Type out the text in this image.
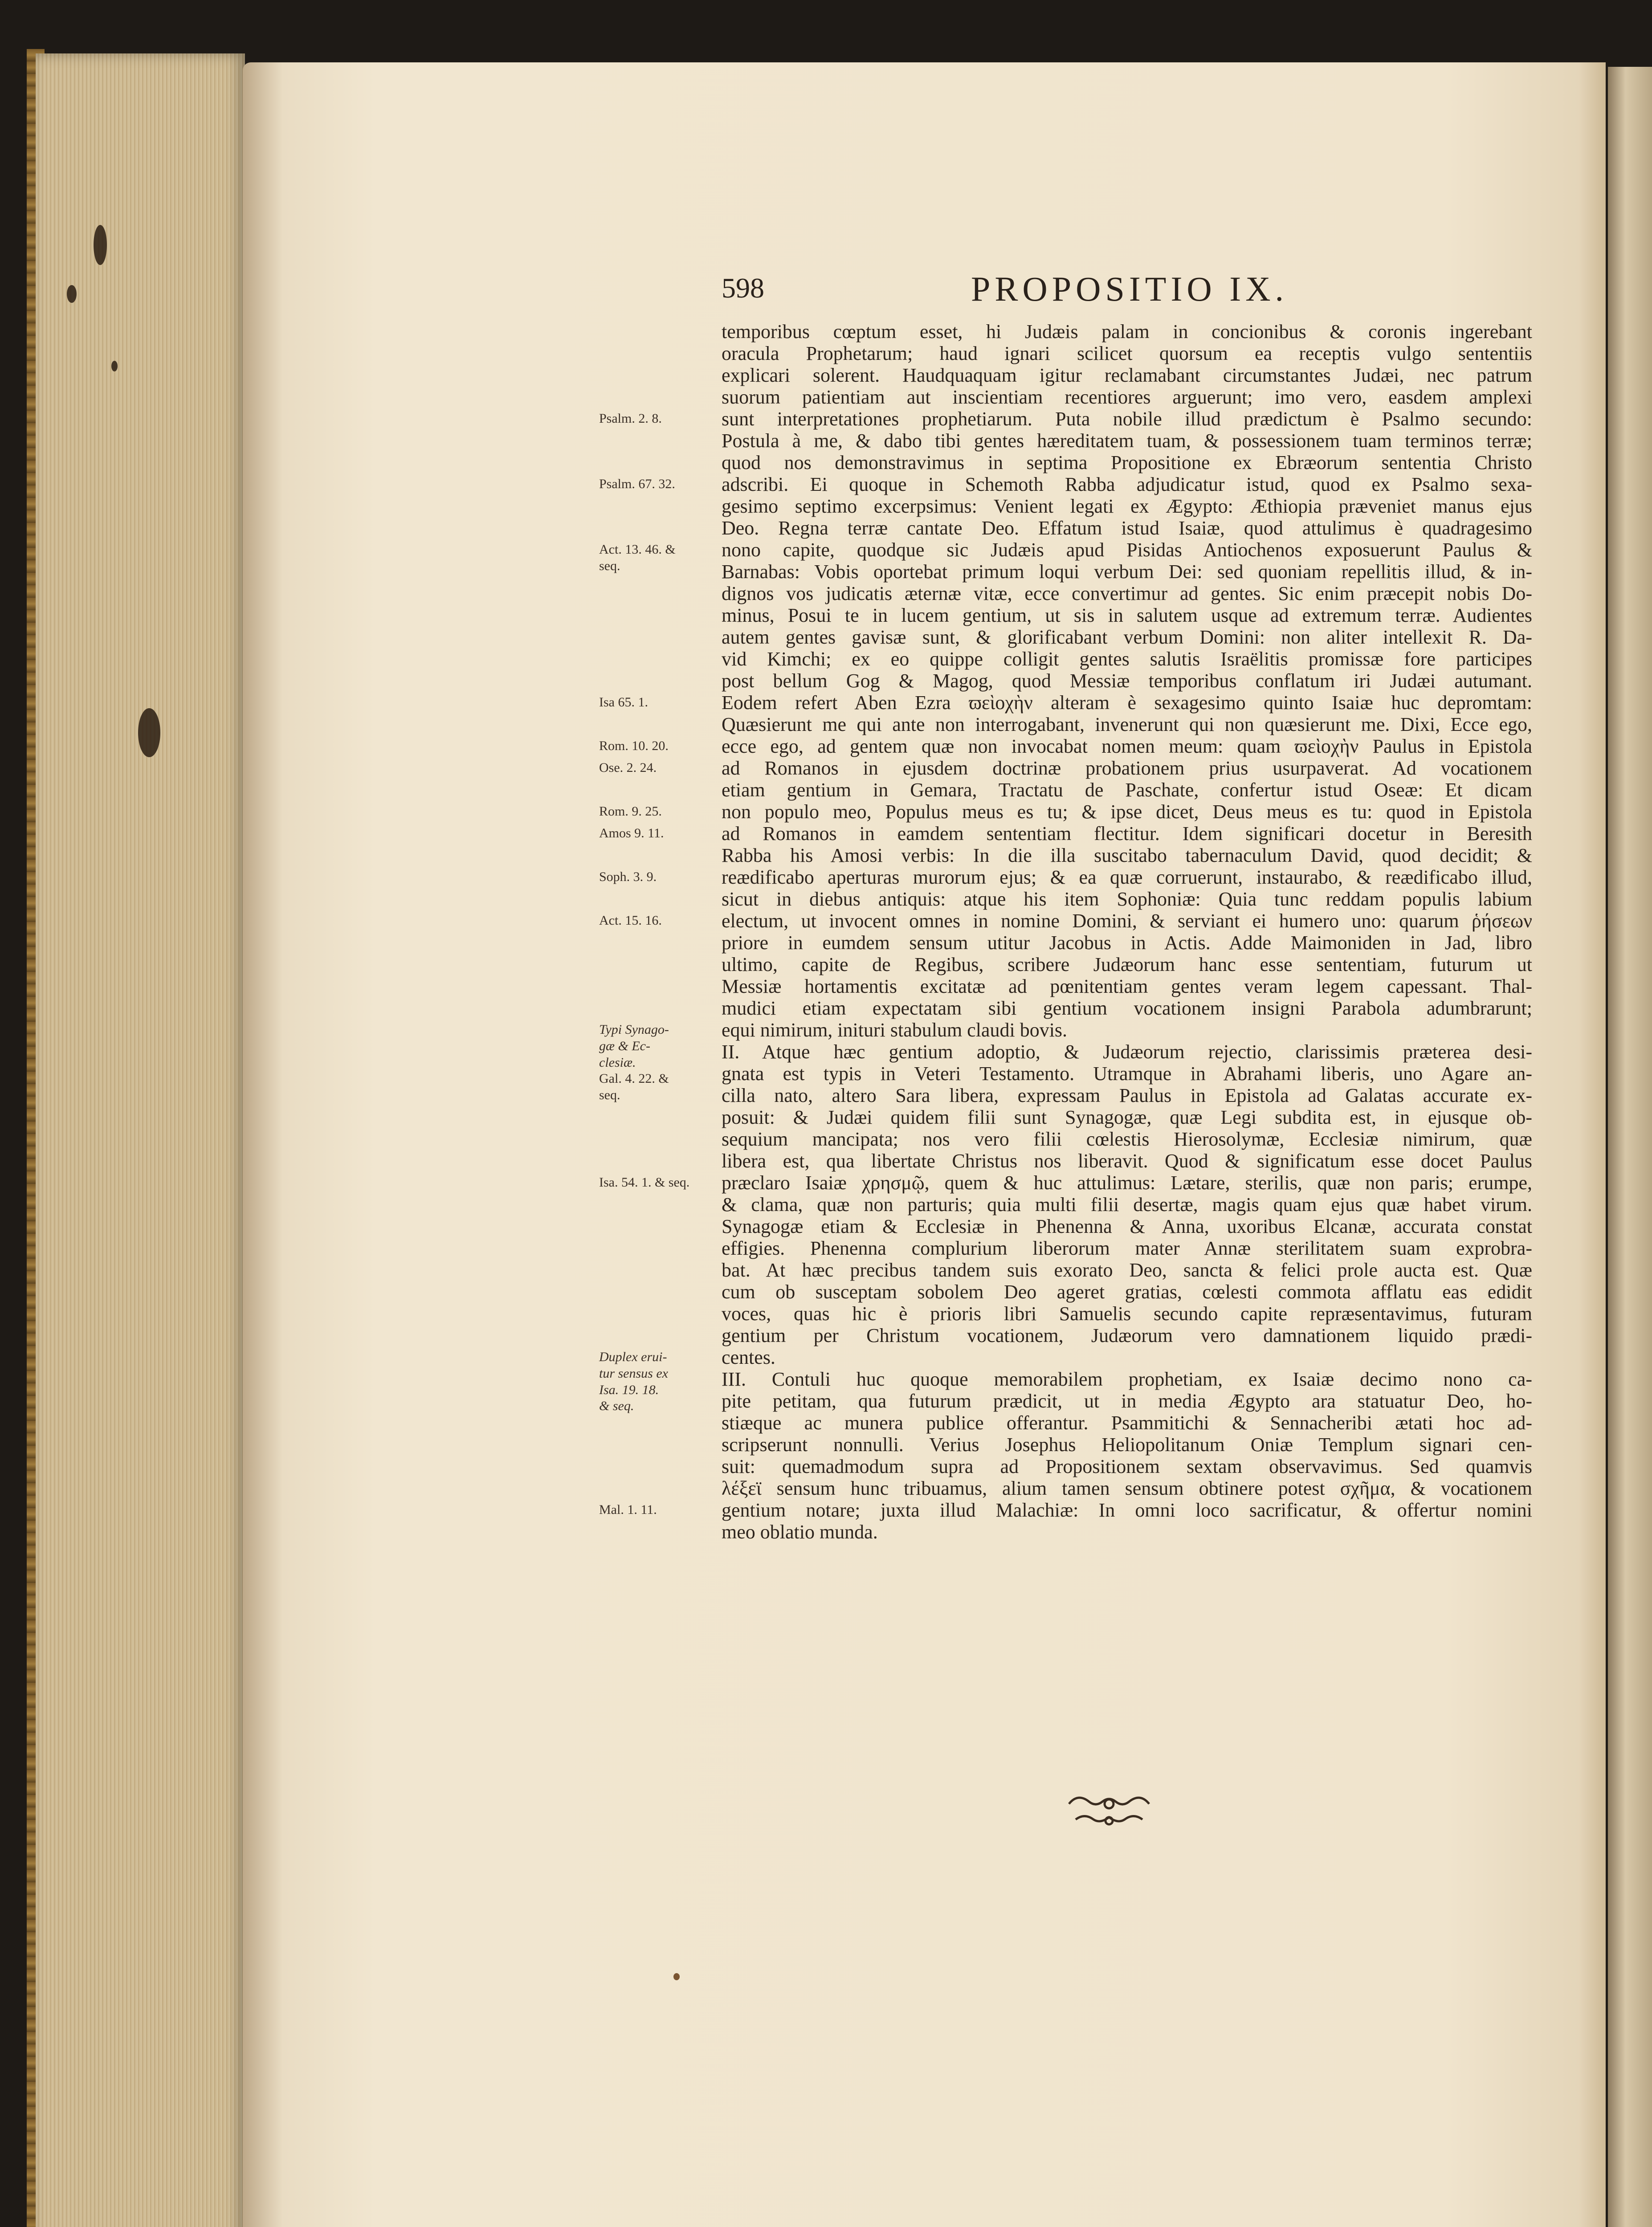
598	PROPOSITIO IX.
temporibus cœptum esset, hi Judæis palam in concionibus & coronis ingerebant
oracula Prophetarum; haud ignari scilicet quorsum ea receptis vulgo sententiis
explicari solerent. Haudquaquam igitur reclamabant circumstantes Judæi, nec patrum
suorum patientiam aut inscientiam recentiores arguerunt; imo vero, easdem amplexi
sunt interpretationes prophetiarum. Puta nobile illud prædictum è Psalmo secundo:
Postula à me, & dabo tibi gentes hæreditatem tuam, & possessionem tuam terminos terræ;
quod nos demonstravimus in septima Propositione ex Ebræorum sententia Christo
adscribi. Ei quoque in Schemoth Rabba adjudicatur istud, quod ex Psalmo sexa-
gesimo septimo excerpsimus: Venient legati ex Ægypto: Æthiopia præveniet manus ejus
Deo. Regna terræ cantate Deo. Effatum istud Isaiæ, quod attulimus è quadragesimo
nono capite, quodque sic Judæis apud Pisidas Antiochenos exposuerunt Paulus &
Barnabas: Vobis oportebat primum loqui verbum Dei: sed quoniam repellitis illud, & in-
dignos vos judicatis æternæ vitæ, ecce convertimur ad gentes. Sic enim præcepit nobis Do-
minus, Posui te in lucem gentium, ut sis in salutem usque ad extremum terræ. Audientes
autem gentes gavisæ sunt, & glorificabant verbum Domini: non aliter intellexit R. Da-
vid Kimchi; ex eo quippe colligit gentes salutis Israëlitis promissæ fore participes
post bellum Gog & Magog, quod Messiæ temporibus conflatum iri Judæi autumant.
Eodem refert Aben Ezra ϖεὶοχὴν alteram è sexagesimo quinto Isaiæ huc depromtam:
Quæsierunt me qui ante non interrogabant, invenerunt qui non quæsierunt me. Dixi, Ecce ego,
ecce ego, ad gentem quæ non invocabat nomen meum: quam ϖεὶοχὴν Paulus in Epistola
ad Romanos in ejusdem doctrinæ probationem prius usurpaverat. Ad vocationem
etiam gentium in Gemara, Tractatu de Paschate, confertur istud Oseæ: Et dicam
non populo meo, Populus meus es tu; & ipse dicet, Deus meus es tu: quod in Epistola
ad Romanos in eamdem sententiam flectitur. Idem significari docetur in Beresith
Rabba his Amosi verbis: In die illa suscitabo tabernaculum David, quod decidit; &
reædificabo aperturas murorum ejus; & ea quæ corruerunt, instaurabo, & reædificabo illud,
sicut in diebus antiquis: atque his item Sophoniæ: Quia tunc reddam populis labium
electum, ut invocent omnes in nomine Domini, & serviant ei humero uno: quarum ῥήσεων
priore in eumdem sensum utitur Jacobus in Actis. Adde Maimoniden in Jad, libro
ultimo, capite de Regibus, scribere Judæorum hanc esse sententiam, futurum ut
Messiæ hortamentis excitatæ ad pœnitentiam gentes veram legem capessant. Thal-
mudici etiam expectatam sibi gentium vocationem insigni Parabola adumbrarunt;
equi nimirum, inituri stabulum claudi bovis.
II. Atque hæc gentium adoptio, & Judæorum rejectio, clarissimis præterea desi-
gnata est typis in Veteri Testamento. Utramque in Abrahami liberis, uno Agare an-
cilla nato, altero Sara libera, expressam Paulus in Epistola ad Galatas accurate ex-
posuit: & Judæi quidem filii sunt Synagogæ, quæ Legi subdita est, in ejusque ob-
sequium mancipata; nos vero filii cœlestis Hierosolymæ, Ecclesiæ nimirum, quæ
libera est, qua libertate Christus nos liberavit. Quod & significatum esse docet Paulus
præclaro Isaiæ χρησμῷ, quem & huc attulimus: Lætare, sterilis, quæ non paris; erumpe,
& clama, quæ non parturis; quia multi filii desertæ, magis quam ejus quæ habet virum.
Synagogæ etiam & Ecclesiæ in Phenenna & Anna, uxoribus Elcanæ, accurata constat
effigies. Phenenna complurium liberorum mater Annæ sterilitatem suam exprobra-
bat. At hæc precibus tandem suis exorato Deo, sancta & felici prole aucta est. Quæ
cum ob susceptam sobolem Deo ageret gratias, cœlesti commota afflatu eas edidit
voces, quas hic è prioris libri Samuelis secundo capite repræsentavimus, futuram
gentium per Christum vocationem, Judæorum vero damnationem liquido prædi-
centes.
III. Contuli huc quoque memorabilem prophetiam, ex Isaiæ decimo nono ca-
pite petitam, qua futurum prædicit, ut in media Ægypto ara statuatur Deo, ho-
stiæque ac munera publice offerantur. Psammitichi & Sennacheribi ætati hoc ad-
scripserunt nonnulli. Verius Josephus Heliopolitanum Oniæ Templum signari cen-
suit: quemadmodum supra ad Propositionem sextam observavimus. Sed quamvis
λέξεϊ sensum hunc tribuamus, alium tamen sensum obtinere potest σχῆμα, & vocationem
gentium notare; juxta illud Malachiæ: In omni loco sacrificatur, & offertur nomini
meo oblatio munda.
Psalm. 2. 8.
Psalm. 67. 32.
Act. 13. 46. &
seq.
Isa 65. 1.
Rom. 10. 20.
Ose. 2. 24.
Rom. 9. 25.
Amos 9. 11.
Soph. 3. 9.
Act. 15. 16.
Typi Synago-
gæ & Ec-
clesiæ.
Gal. 4. 22. &
seq.
Isa. 54. 1. & seq.
Duplex erui-
tur sensus ex
Isa. 19. 18.
& seq.
Mal. 1. 11.
